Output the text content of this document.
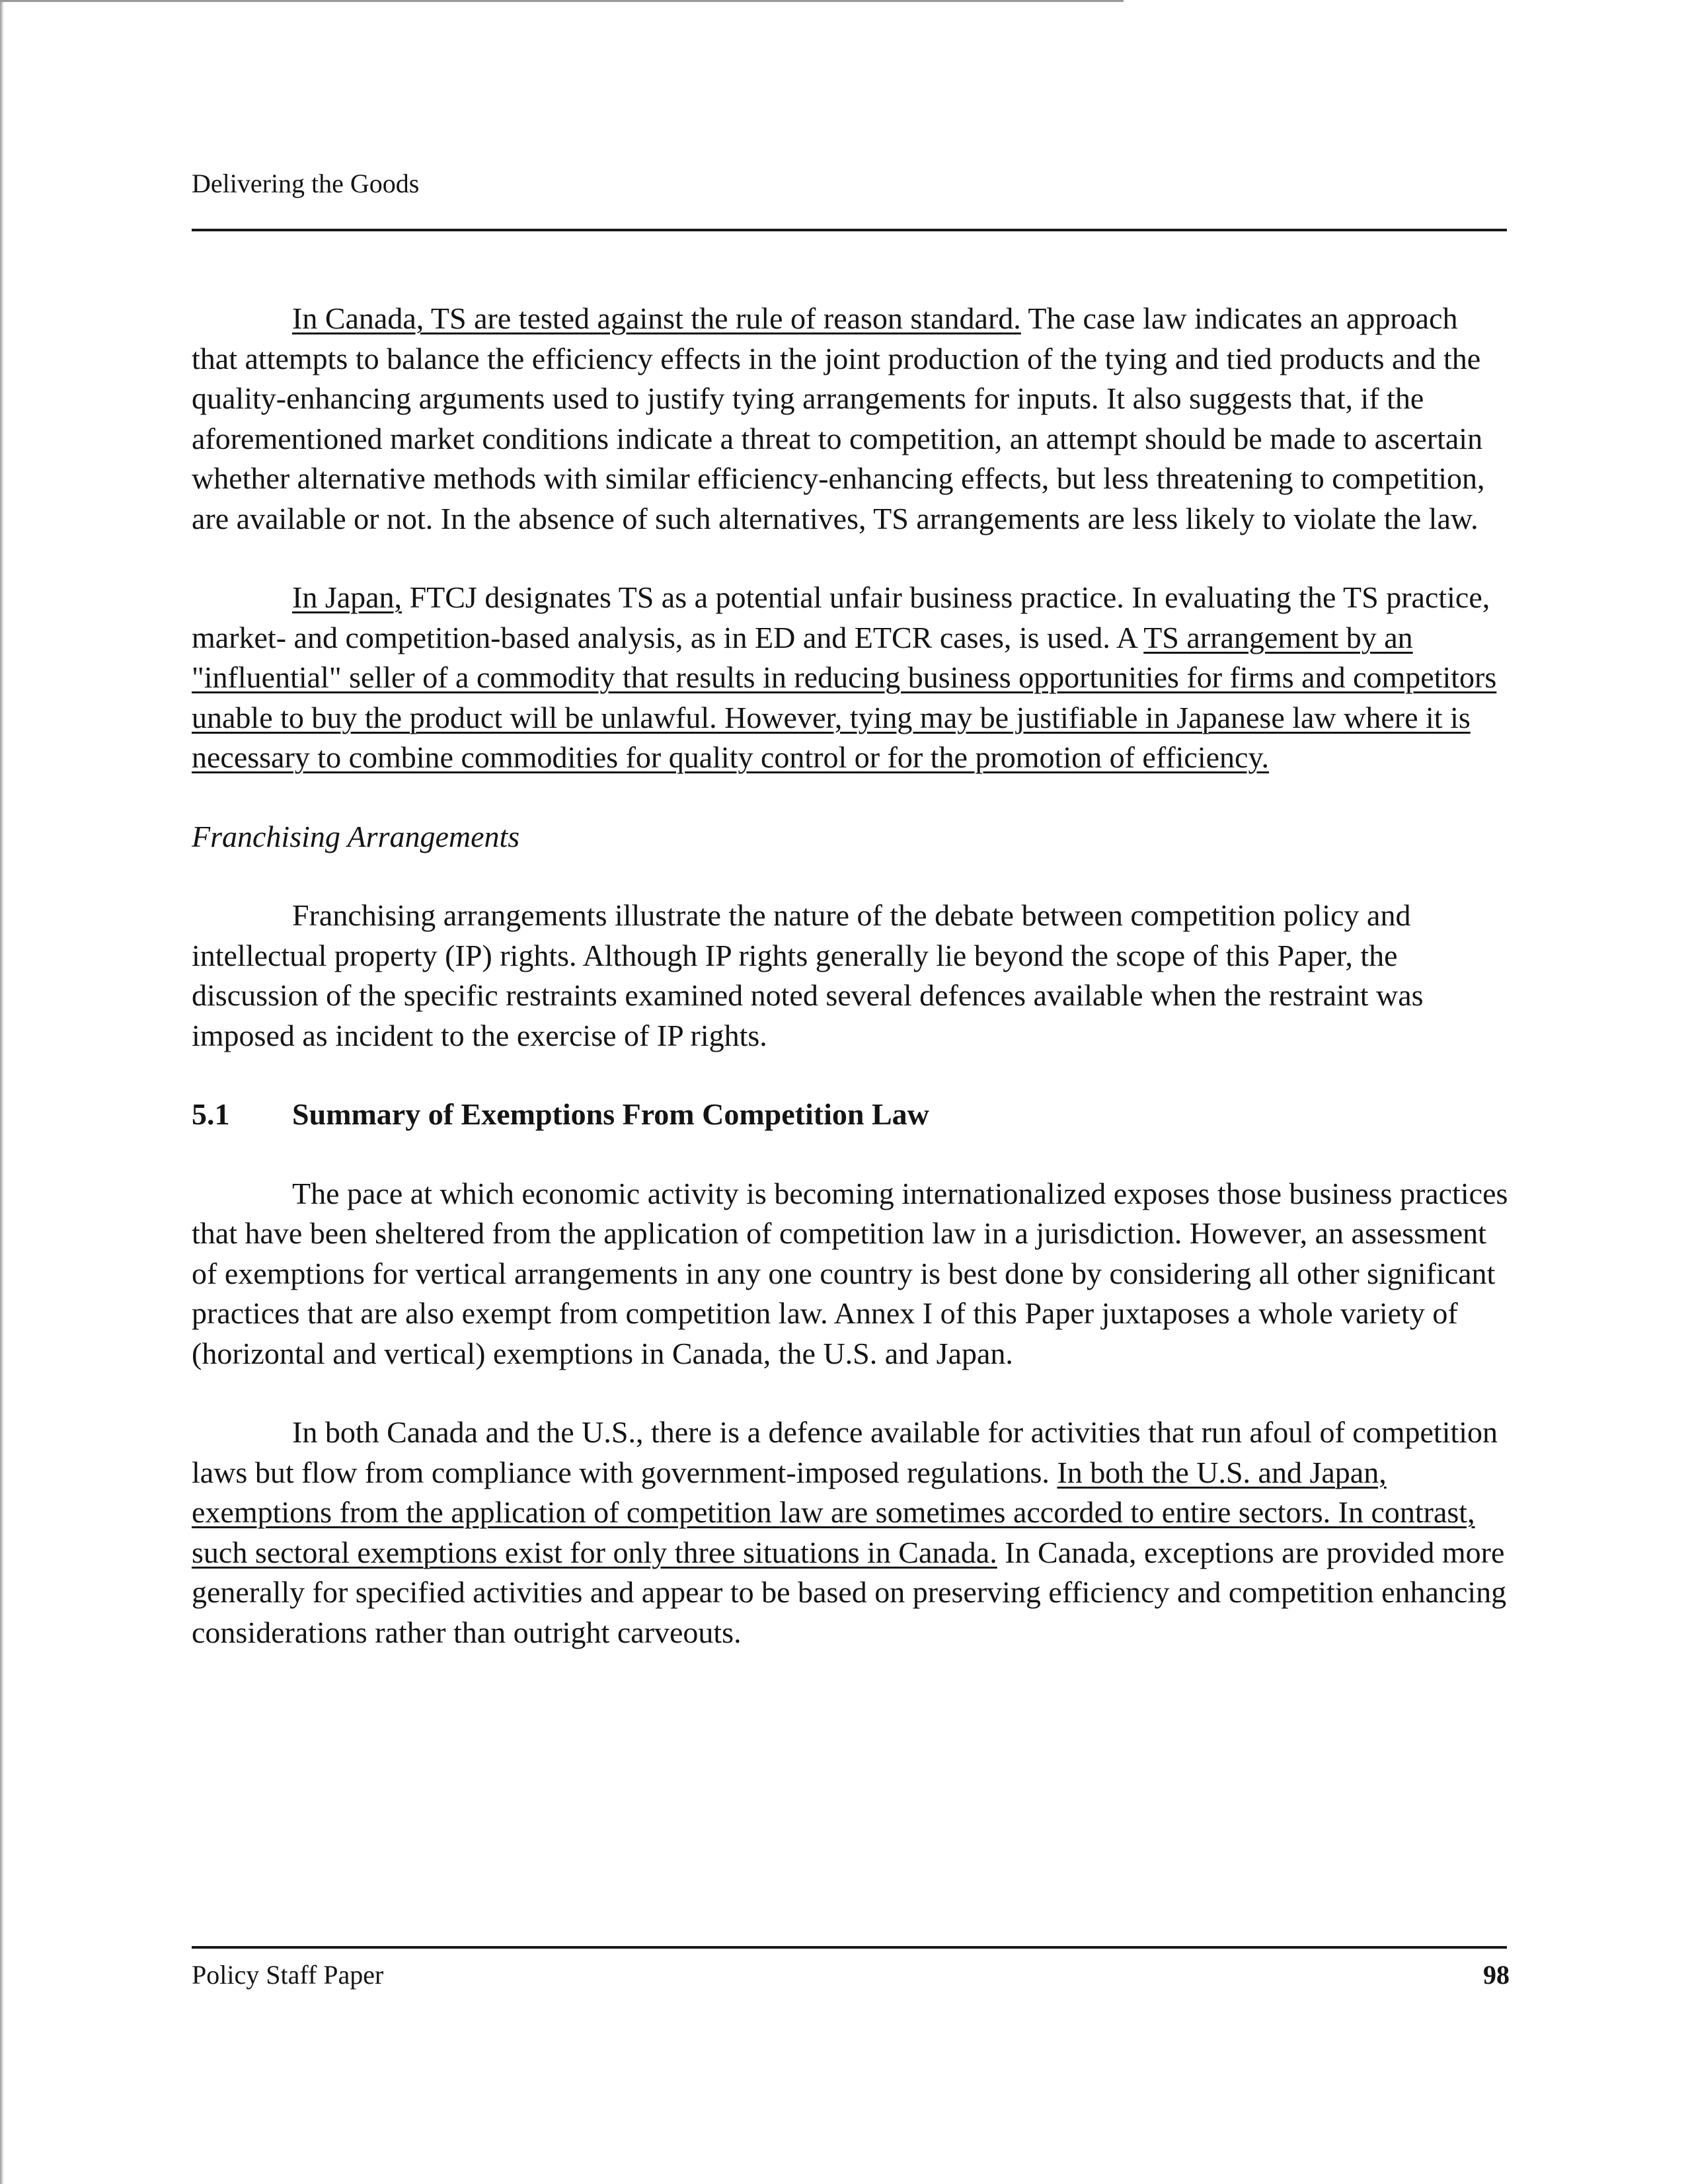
Delivering the Goods

In Canada, TS are tested against the rule of reason standard. The case law indicates an approach that attempts to balance the efficiency effects in the joint production of the tying and tied products and the quality-enhancing arguments used to justify tying arrangements for inputs. It also suggests that, if the aforementioned market conditions indicate a threat to competition, an attempt should be made to ascertain whether alternative methods with similar efficiency-enhancing effects, but less threatening to competition, are available or not. In the absence of such alternatives, TS arrangements are less likely to violate the law.

In Japan, FTCJ designates TS as a potential unfair business practice. In evaluating the TS practice, market- and competition-based analysis, as in ED and ETCR cases, is used. A TS arrangement by an "influential" seller of a commodity that results in reducing business opportunities for firms and competitors unable to buy the product will be unlawful. However, tying may be justifiable in Japanese law where it is necessary to combine commodities for quality control or for the promotion of efficiency.

Franchising Arrangements

Franchising arrangements illustrate the nature of the debate between competition policy and intellectual property (IP) rights. Although IP rights generally lie beyond the scope of this Paper, the discussion of the specific restraints examined noted several defences available when the restraint was imposed as incident to the exercise of IP rights.

5.1 Summary of Exemptions From Competition Law

The pace at which economic activity is becoming internationalized exposes those business practices that have been sheltered from the application of competition law in a jurisdiction. However, an assessment of exemptions for vertical arrangements in any one country is best done by considering all other significant practices that are also exempt from competition law. Annex I of this Paper juxtaposes a whole variety of (horizontal and vertical) exemptions in Canada, the U.S. and Japan.

In both Canada and the U.S., there is a defence available for activities that run afoul of competition laws but flow from compliance with government-imposed regulations. In both the U.S. and Japan, exemptions from the application of competition law are sometimes accorded to entire sectors. In contrast, such sectoral exemptions exist for only three situations in Canada. In Canada, exceptions are provided more generally for specified activities and appear to be based on preserving efficiency and competition enhancing considerations rather than outright carveouts.

Policy Staff Paper	98
